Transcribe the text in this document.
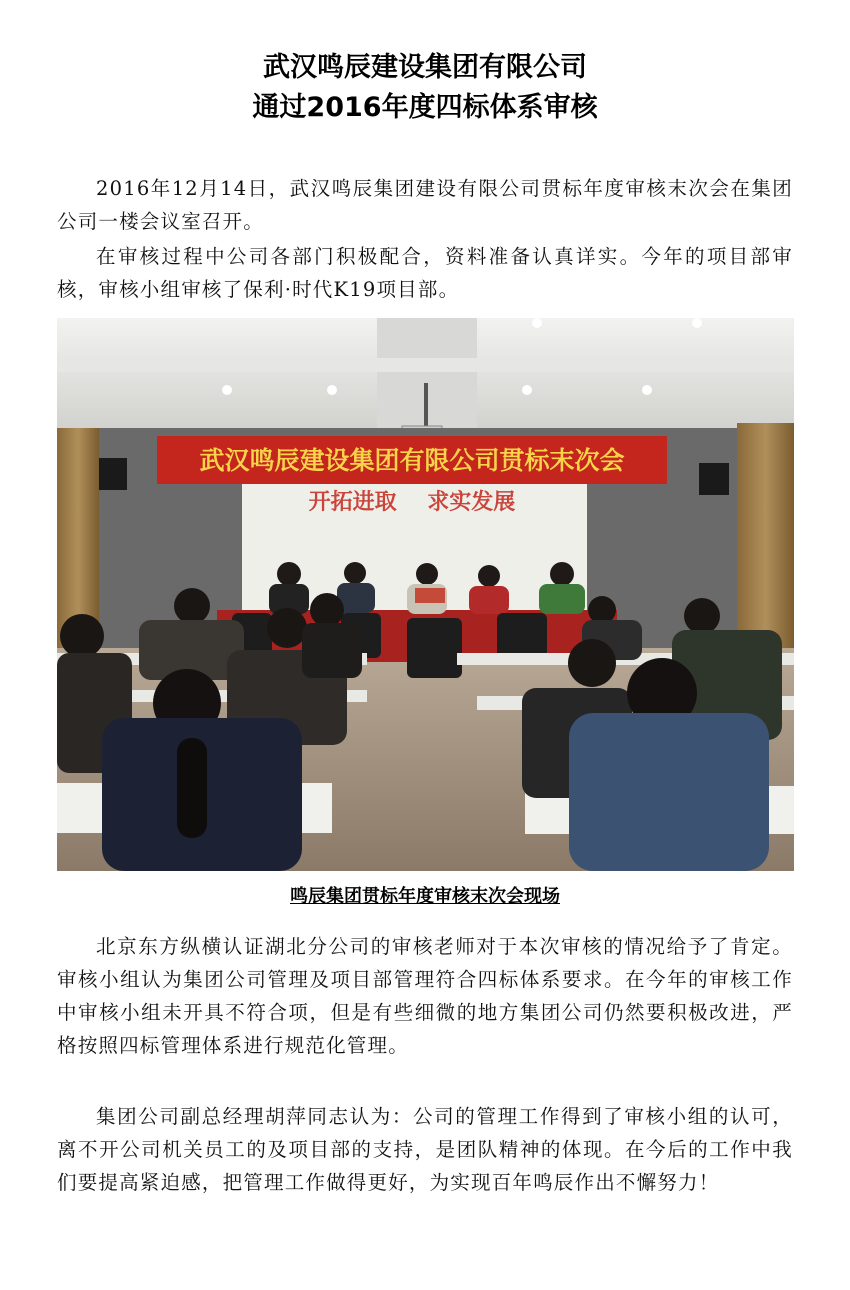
武汉鸣辰建设集团有限公司
通过2016年度四标体系审核

2016年12月14日，武汉鸣辰集团建设有限公司贯标年度审核末次会在集团公司一楼会议室召开。

在审核过程中公司各部门积极配合，资料准备认真详实。今年的项目部审核，审核小组审核了保利·时代K19项目部。

武汉鸣辰建设集团有限公司贯标末次会
开拓进取    求实发展
鸣辰集团贯标年度审核末次会现场

北京东方纵横认证湖北分公司的审核老师对于本次审核的情况给予了肯定。审核小组认为集团公司管理及项目部管理符合四标体系要求。在今年的审核工作中审核小组未开具不符合项，但是有些细微的地方集团公司仍然要积极改进，严格按照四标管理体系进行规范化管理。

集团公司副总经理胡萍同志认为：公司的管理工作得到了审核小组的认可，离不开公司机关员工的及项目部的支持，是团队精神的体现。在今后的工作中我们要提高紧迫感，把管理工作做得更好，为实现百年鸣辰作出不懈努力！
